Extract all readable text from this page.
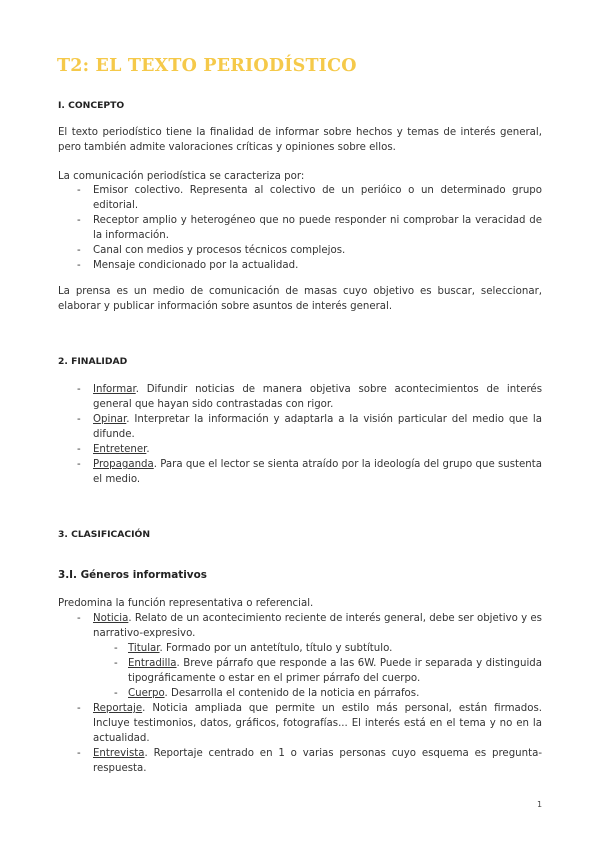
T2: EL TEXTO PERIODÍSTICO
I. CONCEPTO
El texto periodístico tiene la finalidad de informar sobre hechos y temas de interés general, pero también admite valoraciones críticas y opiniones sobre ellos.
La comunicación periodística se caracteriza por:
- Emisor colectivo. Representa al colectivo de un perióico o un determinado grupo editorial.
- Receptor amplio y heterogéneo que no puede responder ni comprobar la veracidad de la información.
- Canal con medios y procesos técnicos complejos.
- Mensaje condicionado por la actualidad.
La prensa es un medio de comunicación de masas cuyo objetivo es buscar, seleccionar, elaborar y publicar información sobre asuntos de interés general.
2. FINALIDAD
- Informar. Difundir noticias de manera objetiva sobre acontecimientos de interés general que hayan sido contrastadas con rigor.
- Opinar. Interpretar la información y adaptarla a la visión particular del medio que la difunde.
- Entretener.
- Propaganda. Para que el lector se sienta atraído por la ideología del grupo que sustenta el medio.
3. CLASIFICACIÓN
3.I. Géneros informativos
Predomina la función representativa o referencial.
- Noticia. Relato de un acontecimiento reciente de interés general, debe ser objetivo y es narrativo-expresivo.
- Titular. Formado por un antetítulo, título y subtítulo.
- Entradilla. Breve párrafo que responde a las 6W. Puede ir separada y distinguida tipográficamente o estar en el primer párrafo del cuerpo.
- Cuerpo. Desarrolla el contenido de la noticia en párrafos.
- Reportaje. Noticia ampliada que permite un estilo más personal, están firmados. Incluye testimonios, datos, gráficos, fotografías... El interés está en el tema y no en la actualidad.
- Entrevista. Reportaje centrado en 1 o varias personas cuyo esquema es pregunta-respuesta.
1
